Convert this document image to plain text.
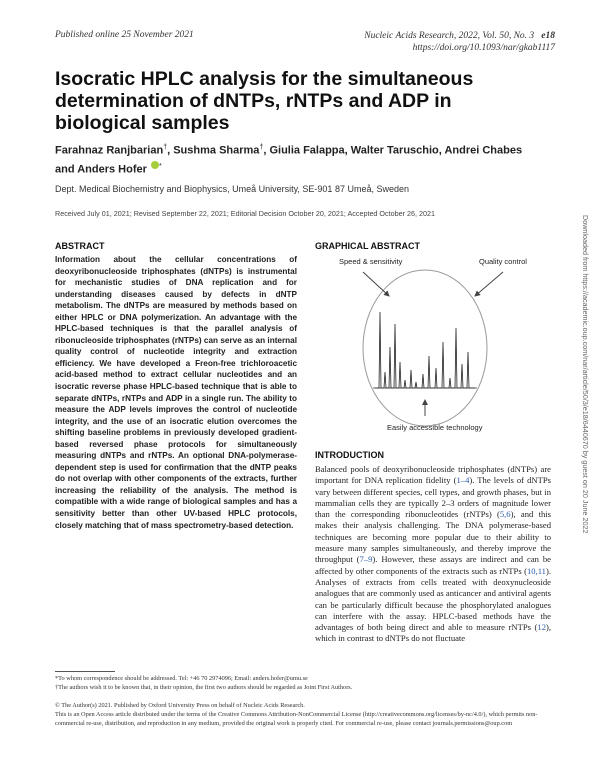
Published online 25 November 2021	Nucleic Acids Research, 2022, Vol. 50, No. 3 e18
https://doi.org/10.1093/nar/gkab1117
Isocratic HPLC analysis for the simultaneous determination of dNTPs, rNTPs and ADP in biological samples
Farahnaz Ranjbarian†, Sushma Sharma†, Giulia Falappa, Walter Taruschio, Andrei Chabes
and Anders Hofer *
Dept. Medical Biochemistry and Biophysics, Umeå University, SE-901 87 Umeå, Sweden
Received July 01, 2021; Revised September 22, 2021; Editorial Decision October 20, 2021; Accepted October 26, 2021
ABSTRACT

Information about the cellular concentrations of deoxyribonucleoside triphosphates (dNTPs) is instrumental for mechanistic studies of DNA replication and for understanding diseases caused by defects in dNTP metabolism. The dNTPs are measured by methods based on either HPLC or DNA polymerization. An advantage with the HPLC-based techniques is that the parallel analysis of ribonucleoside triphosphates (rNTPs) can serve as an internal quality control of nucleotide integrity and extraction efficiency. We have developed a Freon-free trichloroacetic acid-based method to extract cellular nucleotides and an isocratic reverse phase HPLC-based technique that is able to separate dNTPs, rNTPs and ADP in a single run. The ability to measure the ADP levels improves the control of nucleotide integrity, and the use of an isocratic elution overcomes the shifting baseline problems in previously developed gradient-based reversed phase protocols for simultaneously measuring dNTPs and rNTPs. An optional DNA-polymerase-dependent step is used for confirmation that the dNTP peaks do not overlap with other components of the extracts, further increasing the reliability of the analysis. The method is compatible with a wide range of biological samples and has a sensitivity better than other UV-based HPLC protocols, closely matching that of mass spectrometry-based detection.

GRAPHICAL ABSTRACT
Speed & sensitivity	Quality control
Easily accessible technology
INTRODUCTION

Balanced pools of deoxyribonucleoside triphosphates (dNTPs) are important for DNA replication fidelity (1–4). The levels of dNTPs vary between different species, cell types, and growth phases, but in mammalian cells they are typically 2–3 orders of magnitude lower than the corresponding ribonucleotides (rNTPs) (5,6), and this makes their analysis challenging. The DNA polymerase-based techniques are becoming more popular due to their ability to measure many samples simultaneously, and thereby improve the throughput (7–9). However, these assays are indirect and can be affected by other components of the extracts such as rNTPs (10,11). Analyses of extracts from cells treated with deoxynucleoside analogues that are commonly used as anticancer and antiviral agents can be particularly difficult because the phosphorylated analogues can interfere with the assay. HPLC-based methods have the advantages of both being direct and able to measure rNTPs (12), which in contrast to dNTPs do not fluctuate

*To whom correspondence should be addressed. Tel: +46 70 2974096; Email: anders.hofer@umu.se
†The authors wish it to be known that, in their opinion, the first two authors should be regarded as Joint First Authors.
© The Author(s) 2021. Published by Oxford University Press on behalf of Nucleic Acids Research.
This is an Open Access article distributed under the terms of the Creative Commons Attribution-NonCommercial License (http://creativecommons.org/licenses/by-nc/4.0/), which permits non-commercial re-use, distribution, and reproduction in any medium, provided the original work is properly cited. For commercial re-use, please contact journals.permissions@oup.com
Downloaded from https://academic.oup.com/nar/article/50/3/e18/6440670 by guest on 20 June 2022
